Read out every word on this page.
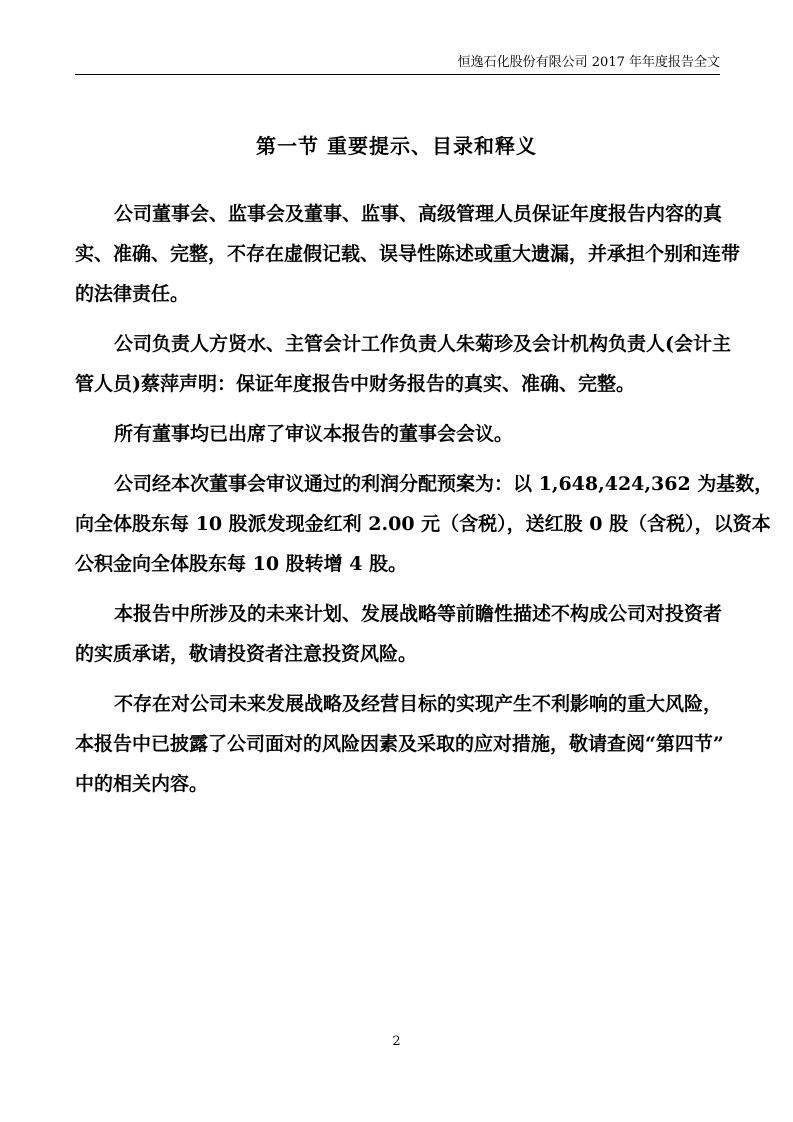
恒逸石化股份有限公司 2017 年年度报告全文
第一节 重要提示、目录和释义
公司董事会、监事会及董事、监事、高级管理人员保证年度报告内容的真
实、准确、完整，不存在虚假记载、误导性陈述或重大遗漏，并承担个别和连带
的法律责任。
公司负责人方贤水、主管会计工作负责人朱菊珍及会计机构负责人(会计主
管人员)蔡萍声明：保证年度报告中财务报告的真实、准确、完整。
所有董事均已出席了审议本报告的董事会会议。
公司经本次董事会审议通过的利润分配预案为：以 1,648,424,362 为基数，
向全体股东每 10 股派发现金红利 2.00 元（含税），送红股 0 股（含税），以资本
公积金向全体股东每 10 股转增 4 股。
本报告中所涉及的未来计划、发展战略等前瞻性描述不构成公司对投资者
的实质承诺，敬请投资者注意投资风险。
不存在对公司未来发展战略及经营目标的实现产生不利影响的重大风险，
本报告中已披露了公司面对的风险因素及采取的应对措施，敬请查阅“第四节”
中的相关内容。
2
